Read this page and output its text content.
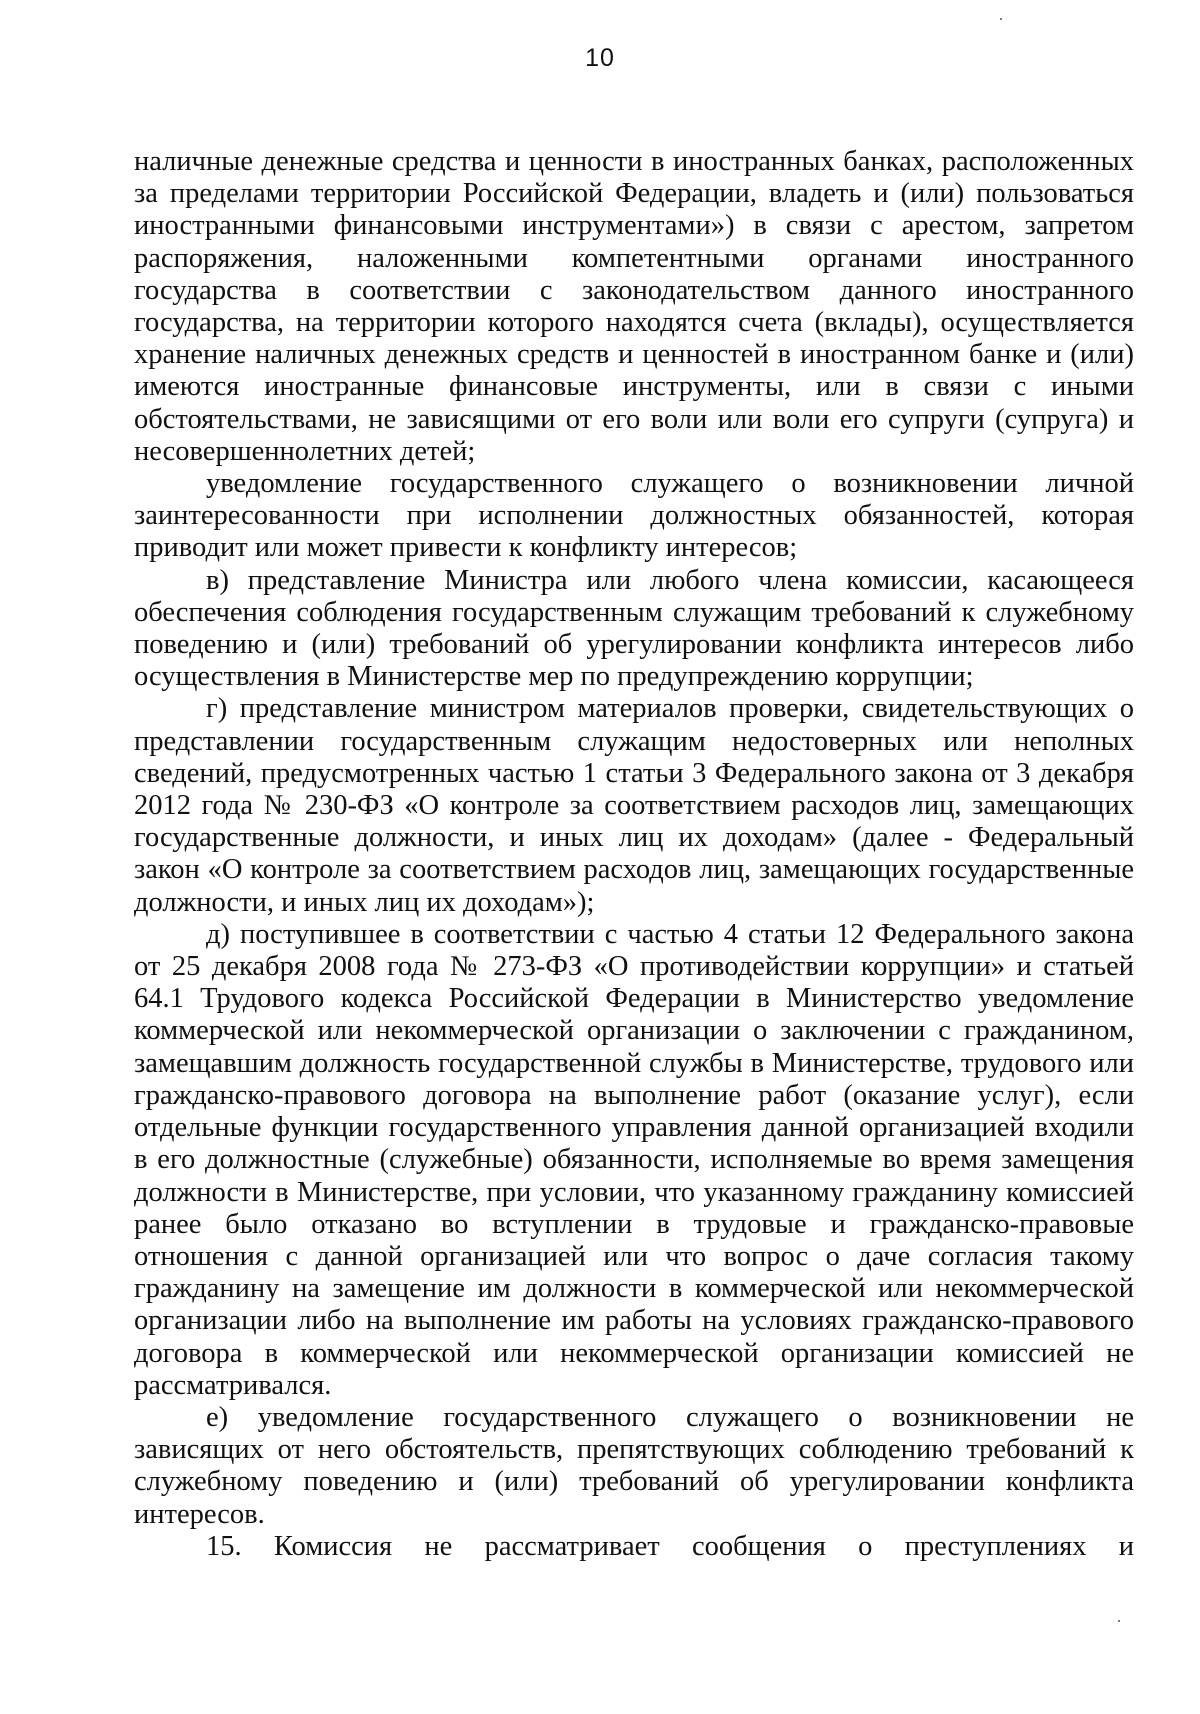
10

наличные денежные средства и ценности в иностранных банках, расположенных за пределами территории Российской Федерации, владеть и (или) пользоваться иностранными финансовыми инструментами») в связи с арестом, запретом распоряжения, наложенными компетентными органами иностранного государства в соответствии с законодательством данного иностранного государства, на территории которого находятся счета (вклады), осуществляется хранение наличных денежных средств и ценностей в иностранном банке и (или) имеются иностранные финансовые инструменты, или в связи с иными обстоятельствами, не зависящими от его воли или воли его супруги (супруга) и несовершеннолетних детей;

уведомление государственного служащего о возникновении личной заинтересованности при исполнении должностных обязанностей, которая приводит или может привести к конфликту интересов;

в) представление Министра или любого члена комиссии, касающееся обеспечения соблюдения государственным служащим требований к служебному поведению и (или) требований об урегулировании конфликта интересов либо осуществления в Министерстве мер по предупреждению коррупции;

г) представление министром материалов проверки, свидетельствующих о представлении государственным служащим недостоверных или неполных сведений, предусмотренных частью 1 статьи 3 Федерального закона от 3 декабря 2012 года № 230-ФЗ «О контроле за соответствием расходов лиц, замещающих государственные должности, и иных лиц их доходам» (далее - Федеральный закон «О контроле за соответствием расходов лиц, замещающих государственные должности, и иных лиц их доходам»);

д) поступившее в соответствии с частью 4 статьи 12 Федерального закона от 25 декабря 2008 года № 273-ФЗ «О противодействии коррупции» и статьей 64.1 Трудового кодекса Российской Федерации в Министерство уведомление коммерческой или некоммерческой организации о заключении с гражданином, замещавшим должность государственной службы в Министерстве, трудового или гражданско-правового договора на выполнение работ (оказание услуг), если отдельные функции государственного управления данной организацией входили в его должностные (служебные) обязанности, исполняемые во время замещения должности в Министерстве, при условии, что указанному гражданину комиссией ранее было отказано во вступлении в трудовые и гражданско-правовые отношения с данной организацией или что вопрос о даче согласия такому гражданину на замещение им должности в коммерческой или некоммерческой организации либо на выполнение им работы на условиях гражданско-правового договора в коммерческой или некоммерческой организации комиссией не рассматривался.

е) уведомление государственного служащего о возникновении не зависящих от него обстоятельств, препятствующих соблюдению требований к служебному поведению и (или) требований об урегулировании конфликта интересов.

15. Комиссия не рассматривает сообщения о преступлениях и
